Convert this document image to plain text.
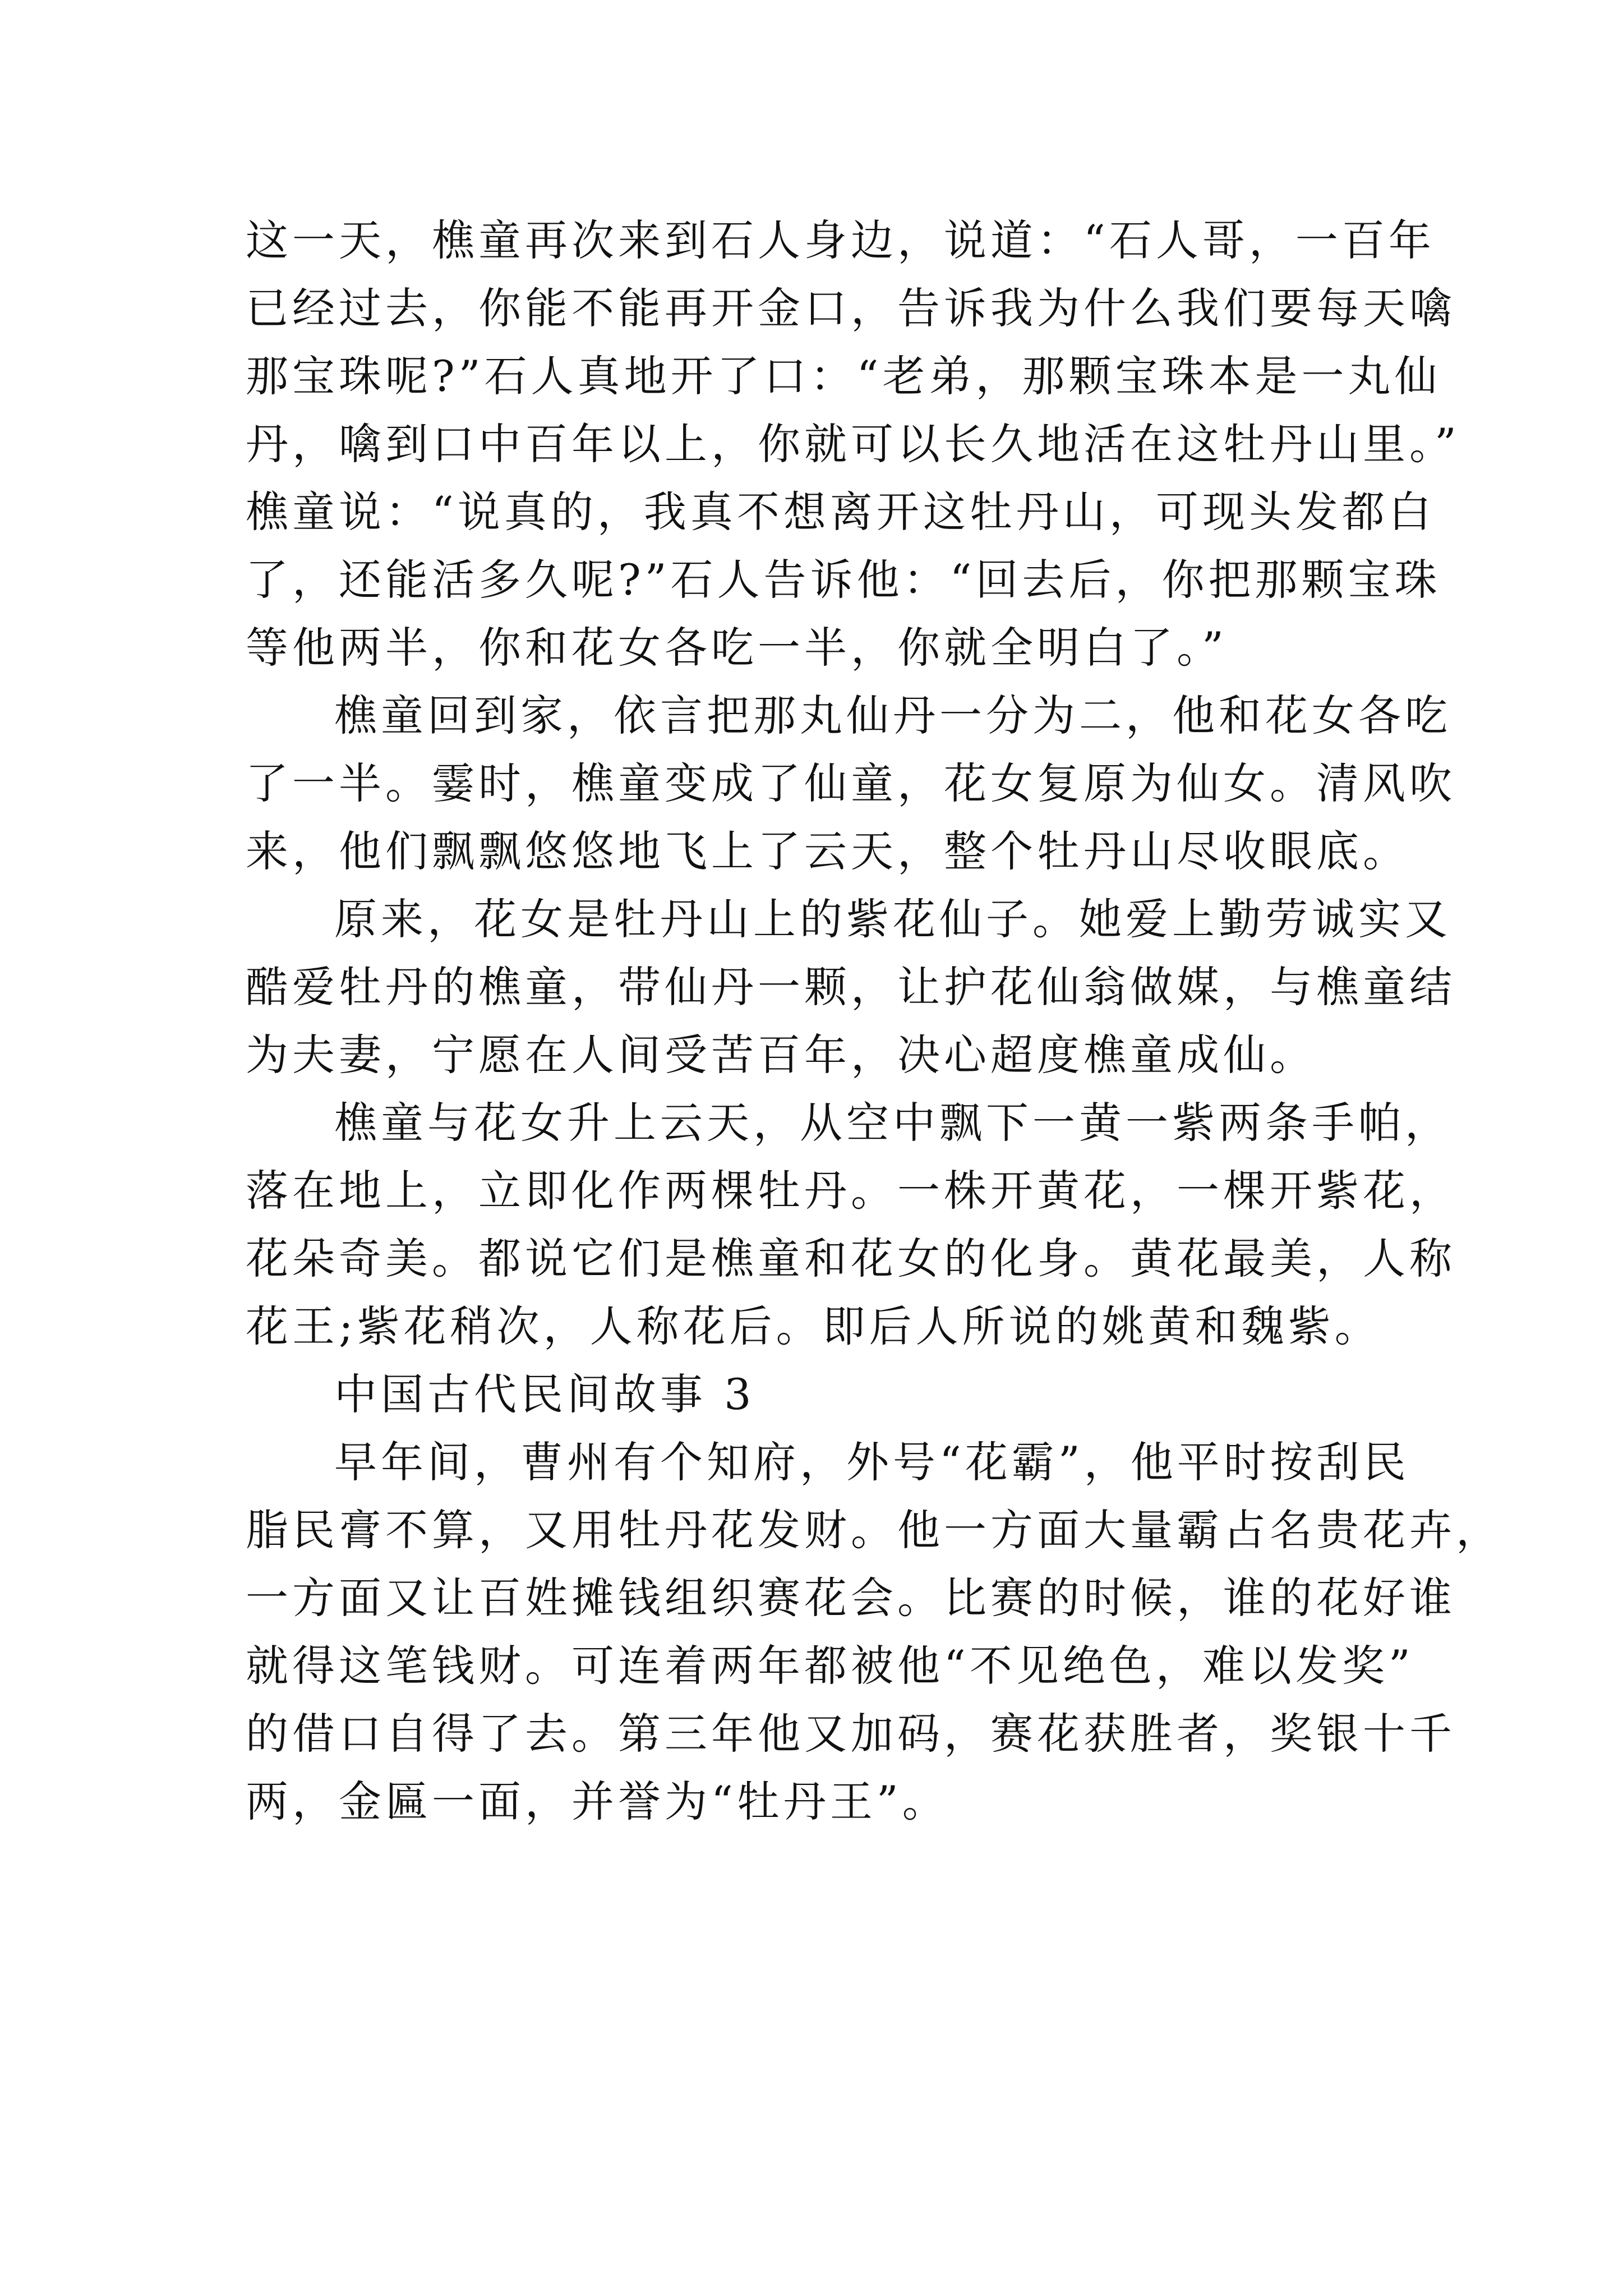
这一天，樵童再次来到石人身边，说道：“石人哥，一百年
已经过去，你能不能再开金口，告诉我为什么我们要每天噙
那宝珠呢?”石人真地开了口：“老弟，那颗宝珠本是一丸仙
丹，噙到口中百年以上，你就可以长久地活在这牡丹山里。”
樵童说：“说真的，我真不想离开这牡丹山，可现头发都白
了，还能活多久呢?”石人告诉他：“回去后，你把那颗宝珠
等他两半，你和花女各吃一半，你就全明白了。”
樵童回到家，依言把那丸仙丹一分为二，他和花女各吃
了一半。霎时，樵童变成了仙童，花女复原为仙女。清风吹
来，他们飘飘悠悠地飞上了云天，整个牡丹山尽收眼底。
原来，花女是牡丹山上的紫花仙子。她爱上勤劳诚实又
酷爱牡丹的樵童，带仙丹一颗，让护花仙翁做媒，与樵童结
为夫妻，宁愿在人间受苦百年，决心超度樵童成仙。
樵童与花女升上云天，从空中飘下一黄一紫两条手帕，
落在地上，立即化作两棵牡丹。一株开黄花，一棵开紫花，
花朵奇美。都说它们是樵童和花女的化身。黄花最美，人称
花王;紫花稍次，人称花后。即后人所说的姚黄和魏紫。
中国古代民间故事 3
早年间，曹州有个知府，外号“花霸”，他平时按刮民
脂民膏不算，又用牡丹花发财。他一方面大量霸占名贵花卉，
一方面又让百姓摊钱组织赛花会。比赛的时候，谁的花好谁
就得这笔钱财。可连着两年都被他“不见绝色，难以发奖”
的借口自得了去。第三年他又加码，赛花获胜者，奖银十千
两，金匾一面，并誉为“牡丹王”。
